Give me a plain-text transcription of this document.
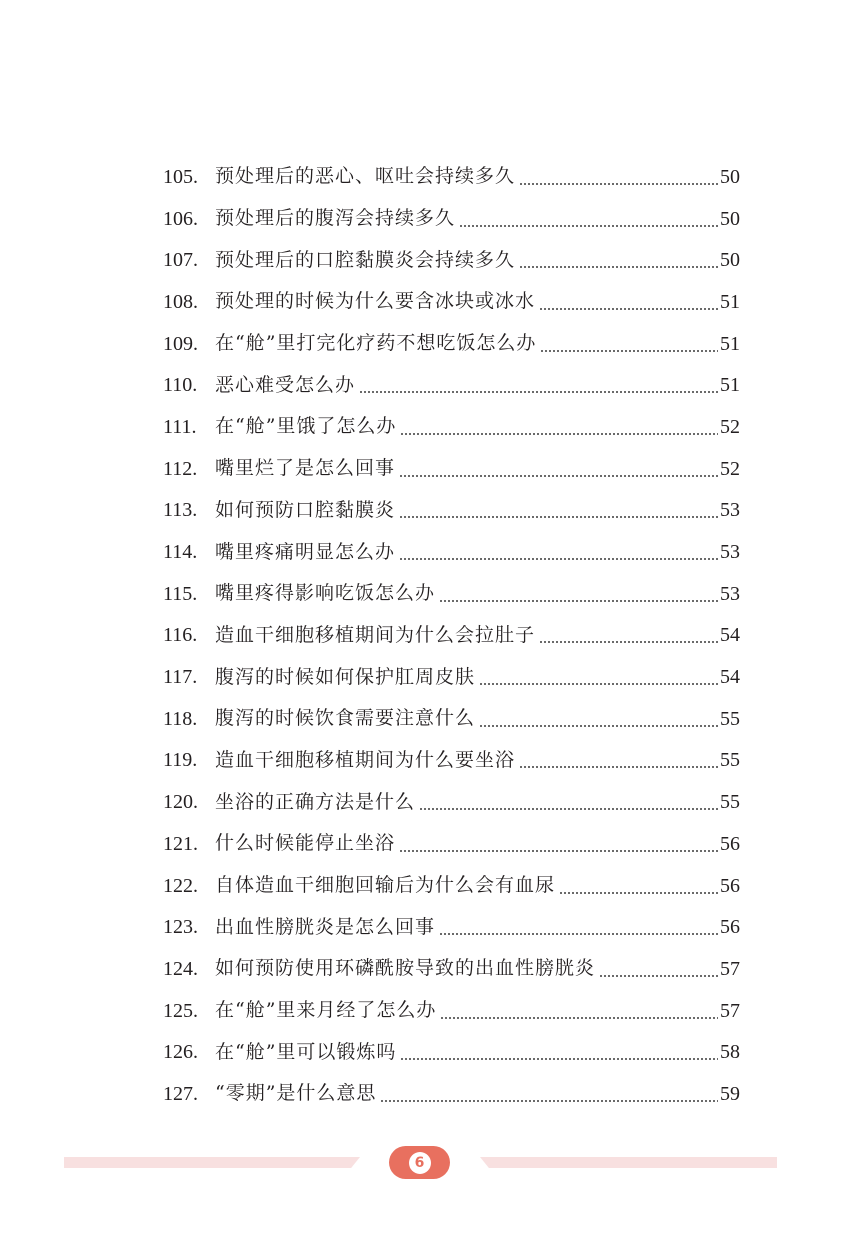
105. 预处理后的恶心、呕吐会持续多久	50
106. 预处理后的腹泻会持续多久	50
107. 预处理后的口腔黏膜炎会持续多久	50
108. 预处理的时候为什么要含冰块或冰水	51
109. 在“舱”里打完化疗药不想吃饭怎么办	51
110. 恶心难受怎么办	51
111. 在“舱”里饿了怎么办	52
112. 嘴里烂了是怎么回事	52
113. 如何预防口腔黏膜炎	53
114. 嘴里疼痛明显怎么办	53
115. 嘴里疼得影响吃饭怎么办	53
116. 造血干细胞移植期间为什么会拉肚子	54
117. 腹泻的时候如何保护肛周皮肤	54
118. 腹泻的时候饮食需要注意什么	55
119. 造血干细胞移植期间为什么要坐浴	55
120. 坐浴的正确方法是什么	55
121. 什么时候能停止坐浴	56
122. 自体造血干细胞回输后为什么会有血尿	56
123. 出血性膀胱炎是怎么回事	56
124. 如何预防使用环磷酰胺导致的出血性膀胱炎	57
125. 在“舱”里来月经了怎么办	57
126. 在“舱”里可以锻炼吗	58
127. “零期”是什么意思	59
6
